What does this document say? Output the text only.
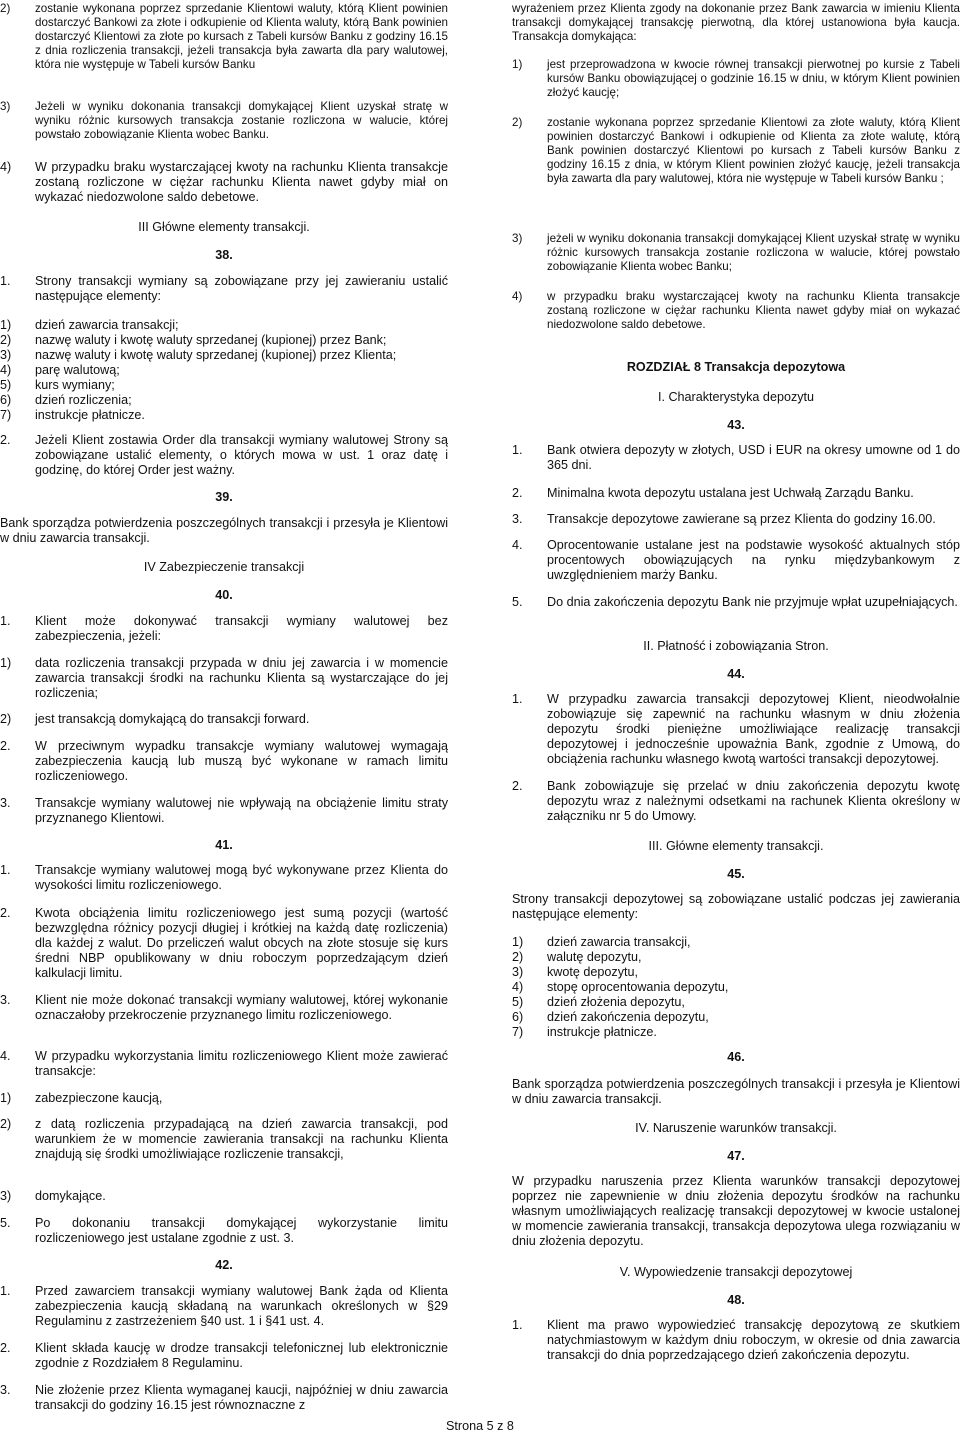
2) zostanie wykonana poprzez sprzedanie Klientowi waluty, którą Klient powinien dostarczyć Bankowi za złote i odkupienie od Klienta waluty, którą Bank powinien dostarczyć Klientowi za złote po kursach z Tabeli kursów Banku z godziny 16.15 z dnia rozliczenia transakcji, jeżeli transakcja była zawarta dla pary walutowej, która nie występuje w Tabeli kursów Banku
3) Jeżeli w wyniku dokonania transakcji domykającej Klient uzyskał stratę w wyniku różnic kursowych transakcja zostanie rozliczona w walucie, której powstało zobowiązanie Klienta wobec Banku.
4) W przypadku braku wystarczającej kwoty na rachunku Klienta transakcje zostaną rozliczone w ciężar rachunku Klienta nawet gdyby miał on wykazać niedozwolone saldo debetowe.
III Główne elementy transakcji.
38.
1. Strony transakcji wymiany są zobowiązane przy jej zawieraniu ustalić następujące elementy:
1) dzień zawarcia transakcji;
2) nazwę waluty i kwotę waluty sprzedanej (kupionej) przez Bank;
3) nazwę waluty i kwotę waluty sprzedanej (kupionej) przez Klienta;
4) parę walutową;
5) kurs wymiany;
6) dzień rozliczenia;
7) instrukcje płatnicze.
2. Jeżeli Klient zostawia Order dla transakcji wymiany walutowej Strony są zobowiązane ustalić elementy, o których mowa w ust. 1 oraz datę i godzinę, do której Order jest ważny.
39.
Bank sporządza potwierdzenia poszczególnych transakcji i przesyła je Klientowi w dniu zawarcia transakcji.
IV Zabezpieczenie transakcji
40.
1. Klient może dokonywać transakcji wymiany walutowej bez zabezpieczenia, jeżeli:
1) data rozliczenia transakcji przypada w dniu jej zawarcia i w momencie zawarcia transakcji środki na rachunku Klienta są wystarczające do jej rozliczenia;
2) jest transakcją domykającą do transakcji forward.
2. W przeciwnym wypadku transakcje wymiany walutowej wymagają zabezpieczenia kaucją lub muszą być wykonane w ramach limitu rozliczeniowego.
3. Transakcje wymiany walutowej nie wpływają na obciążenie limitu straty przyznanego Klientowi.
41.
1. Transakcje wymiany walutowej mogą być wykonywane przez Klienta do wysokości limitu rozliczeniowego.
2. Kwota obciążenia limitu rozliczeniowego jest sumą pozycji (wartość bezwzględna różnicy pozycji długiej i krótkiej na każdą datę rozliczenia) dla każdej z walut. Do przeliczeń walut obcych na złote stosuje się kurs średni NBP opublikowany w dniu roboczym poprzedzającym dzień kalkulacji limitu.
3. Klient nie może dokonać transakcji wymiany walutowej, której wykonanie oznaczałoby przekroczenie przyznanego limitu rozliczeniowego.
4. W przypadku wykorzystania limitu rozliczeniowego Klient może zawierać transakcje:
1) zabezpieczone kaucją,
2) z datą rozliczenia przypadającą na dzień zawarcia transakcji, pod warunkiem że w momencie zawierania transakcji na rachunku Klienta znajdują się środki umożliwiające rozliczenie transakcji,
3) domykające.
5. Po dokonaniu transakcji domykającej wykorzystanie limitu rozliczeniowego jest ustalane zgodnie z ust. 3.
42.
1. Przed zawarciem transakcji wymiany walutowej Bank żąda od Klienta zabezpieczenia kaucją składaną na warunkach określonych w §29 Regulaminu z zastrzeżeniem §40 ust. 1 i §41 ust. 4.
2. Klient składa kaucję w drodze transakcji telefonicznej lub elektronicznie zgodnie z Rozdziałem 8 Regulaminu.
3. Nie złożenie przez Klienta wymaganej kaucji, najpóźniej w dniu zawarcia transakcji do godziny 16.15 jest równoznaczne z
wyrażeniem przez Klienta zgody na dokonanie przez Bank zawarcia w imieniu Klienta transakcji domykającej transakcję pierwotną, dla której ustanowiona była kaucja. Transakcja domykająca:
1) jest przeprowadzona w kwocie równej transakcji pierwotnej po kursie z Tabeli kursów Banku obowiązującej o godzinie 16.15 w dniu, w którym Klient powinien złożyć kaucję;
2) zostanie wykonana poprzez sprzedanie Klientowi za złote waluty, którą Klient powinien dostarczyć Bankowi i odkupienie od Klienta za złote walutę, którą Bank powinien dostarczyć Klientowi po kursach z Tabeli kursów Banku z godziny 16.15 z dnia, w którym Klient powinien złożyć kaucję, jeżeli transakcja była zawarta dla pary walutowej, która nie występuje w Tabeli kursów Banku ;
3) jeżeli w wyniku dokonania transakcji domykającej Klient uzyskał stratę w wyniku różnic kursowych transakcja zostanie rozliczona w walucie, której powstało zobowiązanie Klienta wobec Banku;
4) w przypadku braku wystarczającej kwoty na rachunku Klienta transakcje zostaną rozliczone w ciężar rachunku Klienta nawet gdyby miał on wykazać niedozwolone saldo debetowe.
ROZDZIAŁ 8 Transakcja depozytowa
I. Charakterystyka depozytu
43.
1. Bank otwiera depozyty w złotych, USD i EUR na okresy umowne od 1 do 365 dni.
2. Minimalna kwota depozytu ustalana jest Uchwałą Zarządu Banku.
3. Transakcje depozytowe zawierane są przez Klienta do godziny 16.00.
4. Oprocentowanie ustalane jest na podstawie wysokość aktualnych stóp procentowych obowiązujących na rynku międzybankowym z uwzględnieniem marży Banku.
5. Do dnia zakończenia depozytu Bank nie przyjmuje wpłat uzupełniających.
II. Płatność i zobowiązania Stron.
44.
1. W przypadku zawarcia transakcji depozytowej Klient, nieodwołalnie zobowiązuje się zapewnić na rachunku własnym w dniu złożenia depozytu środki pieniężne umożliwiające realizację transakcji depozytowej i jednocześnie upoważnia Bank, zgodnie z Umową, do obciążenia rachunku własnego kwotą wartości transakcji depozytowej.
2. Bank zobowiązuje się przelać w dniu zakończenia depozytu kwotę depozytu wraz z należnymi odsetkami na rachunek Klienta określony w załączniku nr 5 do Umowy.
III. Główne elementy transakcji.
45.
Strony transakcji depozytowej są zobowiązane ustalić podczas jej zawierania następujące elementy:
1) dzień zawarcia transakcji,
2) walutę depozytu,
3) kwotę depozytu,
4) stopę oprocentowania depozytu,
5) dzień złożenia depozytu,
6) dzień zakończenia depozytu,
7) instrukcje płatnicze.
46.
Bank sporządza potwierdzenia poszczególnych transakcji i przesyła je Klientowi w dniu zawarcia transakcji.
IV. Naruszenie warunków transakcji.
47.
W przypadku naruszenia przez Klienta warunków transakcji depozytowej poprzez nie zapewnienie w dniu złożenia depozytu środków na rachunku własnym umożliwiających realizację transakcji depozytowej w kwocie ustalonej w momencie zawierania transakcji, transakcja depozytowa ulega rozwiązaniu w dniu złożenia depozytu.
V. Wypowiedzenie transakcji depozytowej
48.
1. Klient ma prawo wypowiedzieć transakcję depozytową ze skutkiem natychmiastowym w każdym dniu roboczym, w okresie od dnia zawarcia transakcji do dnia poprzedzającego dzień zakończenia depozytu.
Strona 5 z 8
